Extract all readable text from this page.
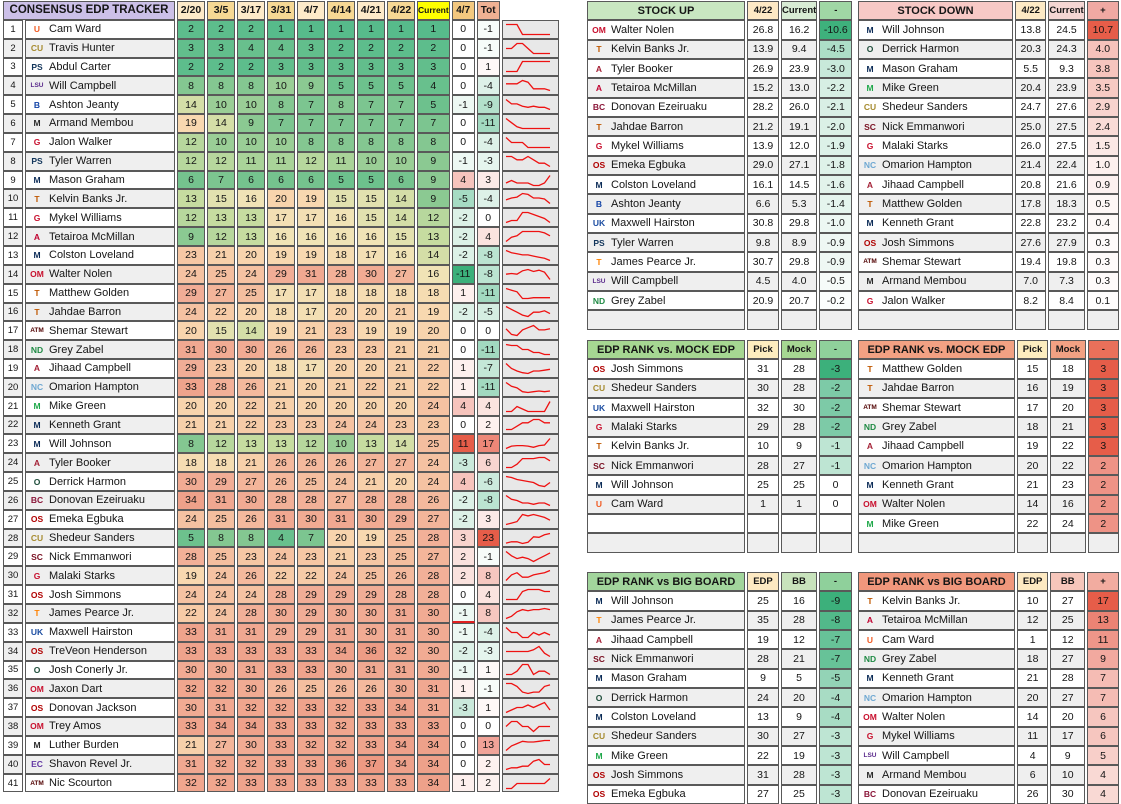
CONSENSUS EDP TRACKER		2/20	3/5	3/17	3/31	4/7	4/14	4/21	4/22	Current	4/7	Tot	
1	U Cam Ward	2	2	2	1	1	1	1	1	1	0	-1	

2	CU Travis Hunter	3	3	4	4	3	2	2	2	2	0	-1	

3	PS Abdul Carter	2	2	2	3	3	3	3	3	3	0	1	

4	LSU Will Campbell	8	8	8	10	9	5	5	5	4	0	-4	

5	B Ashton Jeanty	14	10	10	8	7	8	7	7	5	-1	-9	

6	M Armand Membou	19	14	9	7	7	7	7	7	7	0	-11	

7	G Jalon Walker	12	10	10	10	8	8	8	8	8	0	-4	

8	PS Tyler Warren	12	12	11	11	12	11	10	10	9	-1	-3	

9	M Mason Graham	6	7	6	6	6	5	5	6	9	4	3	

10	T Kelvin Banks Jr.	13	15	16	20	19	15	15	14	9	-5	-4	

11	G Mykel Williams	12	13	13	17	17	16	15	14	12	-2	0	

12	A Tetairoa McMillan	9	12	13	16	16	16	16	15	13	-2	4	

13	M Colston Loveland	23	21	20	19	19	18	17	16	14	-2	-8	

14	OM Walter Nolen	24	25	24	29	31	28	30	27	16	-11	-8	

15	T Matthew Golden	29	27	25	17	17	18	18	18	18	1	-11	

16	T Jahdae Barron	24	22	20	18	17	20	20	21	19	-2	-5	

17	ATM Shemar Stewart	20	15	14	19	21	23	19	19	20	0	0	

18	ND Grey Zabel	31	30	30	26	26	23	23	21	21	0	-11	

19	A Jihaad Campbell	29	23	20	18	17	20	20	21	22	1	-7	

20	NC Omarion Hampton	33	28	26	21	20	21	22	21	22	1	-11	

21	M Mike Green	20	20	22	21	20	20	20	20	24	4	4	

22	M Kenneth Grant	21	21	22	23	23	24	24	23	23	0	2	

23	M Will Johnson	8	12	13	13	12	10	13	14	25	11	17	

24	A Tyler Booker	18	18	21	26	26	26	27	27	24	-3	6	

25	O Derrick Harmon	30	29	27	26	25	24	21	20	24	4	-6	

26	BC Donovan Ezeiruaku	34	31	30	28	28	27	28	28	26	-2	-8	

27	OS Emeka Egbuka	24	25	26	31	30	31	30	29	27	-2	3	

28	CU Shedeur Sanders	5	8	8	4	7	20	19	25	28	3	23	

29	SC Nick Emmanwori	28	25	23	24	23	21	23	25	27	2	-1	

30	G Malaki Starks	19	24	26	22	22	24	25	26	28	2	8	

31	OS Josh Simmons	24	24	24	28	29	29	29	28	28	0	4	

32	T James Pearce Jr.	22	24	28	30	29	30	30	31	30	-1	8	

33	UK Maxwell Hairston	33	31	31	29	29	31	30	31	30	-1	-4	

34	OS TreVeon Henderson	33	33	33	33	33	34	36	32	30	-2	-3	

35	O Josh Conerly Jr.	30	30	31	33	33	30	31	31	30	-1	1	

36	OM Jaxon Dart	32	32	30	26	25	26	26	30	31	1	-1	

37	OS Donovan Jackson	30	31	32	32	33	32	33	34	31	-3	1	

38	OM Trey Amos	33	34	34	33	33	32	33	33	33	0	0	

39	M Luther Burden	21	27	30	33	32	32	33	34	34	0	13	

40	EC Shavon Revel Jr.	31	32	32	33	33	36	37	34	34	0	2	

41	ATM Nic Scourton	32	32	33	33	33	33	33	33	34	1	2	
STOCK UP	4/22	Current	-

OM Walter Nolen	26.8	16.2	-10.6

T Kelvin Banks Jr.	13.9	9.4	-4.5

A Tyler Booker	26.9	23.9	-3.0

A Tetairoa McMillan	15.2	13.0	-2.2

BC Donovan Ezeiruaku	28.2	26.0	-2.1

T Jahdae Barron	21.2	19.1	-2.0

G Mykel Williams	13.9	12.0	-1.9

OS Emeka Egbuka	29.0	27.1	-1.8

M Colston Loveland	16.1	14.5	-1.6

B Ashton Jeanty	6.6	5.3	-1.4

UK Maxwell Hairston	30.8	29.8	-1.0

PS Tyler Warren	9.8	8.9	-0.9

T James Pearce Jr.	30.7	29.8	-0.9

LSU Will Campbell	4.5	4.0	-0.5

ND Grey Zabel	20.9	20.7	-0.2

STOCK DOWN	4/22	Current	+

M Will Johnson	13.8	24.5	10.7

O Derrick Harmon	20.3	24.3	4.0

M Mason Graham	5.5	9.3	3.8

M Mike Green	20.4	23.9	3.5

CU Shedeur Sanders	24.7	27.6	2.9

SC Nick Emmanwori	25.0	27.5	2.4

G Malaki Starks	26.0	27.5	1.5

NC Omarion Hampton	21.4	22.4	1.0

A Jihaad Campbell	20.8	21.6	0.9

T Matthew Golden	17.8	18.3	0.5

M Kenneth Grant	22.8	23.2	0.4

OS Josh Simmons	27.6	27.9	0.3

ATM Shemar Stewart	19.4	19.8	0.3

M Armand Membou	7.0	7.3	0.3

G Jalon Walker	8.2	8.4	0.1

EDP RANK vs. MOCK EDP	Pick	Mock	-

OS Josh Simmons	31	28	-3

CU Shedeur Sanders	30	28	-2

UK Maxwell Hairston	32	30	-2

G Malaki Starks	29	28	-2

T Kelvin Banks Jr.	10	9	-1

SC Nick Emmanwori	28	27	-1

M Will Johnson	25	25	0

U Cam Ward	1	1	0

EDP RANK vs. MOCK EDP	Pick	Mock	-

T Matthew Golden	15	18	3

T Jahdae Barron	16	19	3

ATM Shemar Stewart	17	20	3

ND Grey Zabel	18	21	3

A Jihaad Campbell	19	22	3

NC Omarion Hampton	20	22	2

M Kenneth Grant	21	23	2

OM Walter Nolen	14	16	2

M Mike Green	22	24	2

EDP RANK vs BIG BOARD	EDP	BB	-

M Will Johnson	25	16	-9

T James Pearce Jr.	35	28	-8

A Jihaad Campbell	19	12	-7

SC Nick Emmanwori	28	21	-7

M Mason Graham	9	5	-5

O Derrick Harmon	24	20	-4

M Colston Loveland	13	9	-4

CU Shedeur Sanders	30	27	-3

M Mike Green	22	19	-3

OS Josh Simmons	31	28	-3

OS Emeka Egbuka	27	25	-3
EDP RANK vs BIG BOARD	EDP	BB	+

T Kelvin Banks Jr.	10	27	17

A Tetairoa McMillan	12	25	13

U Cam Ward	1	12	11

ND Grey Zabel	18	27	9

M Kenneth Grant	21	28	7

NC Omarion Hampton	20	27	7

OM Walter Nolen	14	20	6

G Mykel Williams	11	17	6

LSU Will Campbell	4	9	5

M Armand Membou	6	10	4

BC Donovan Ezeiruaku	26	30	4
